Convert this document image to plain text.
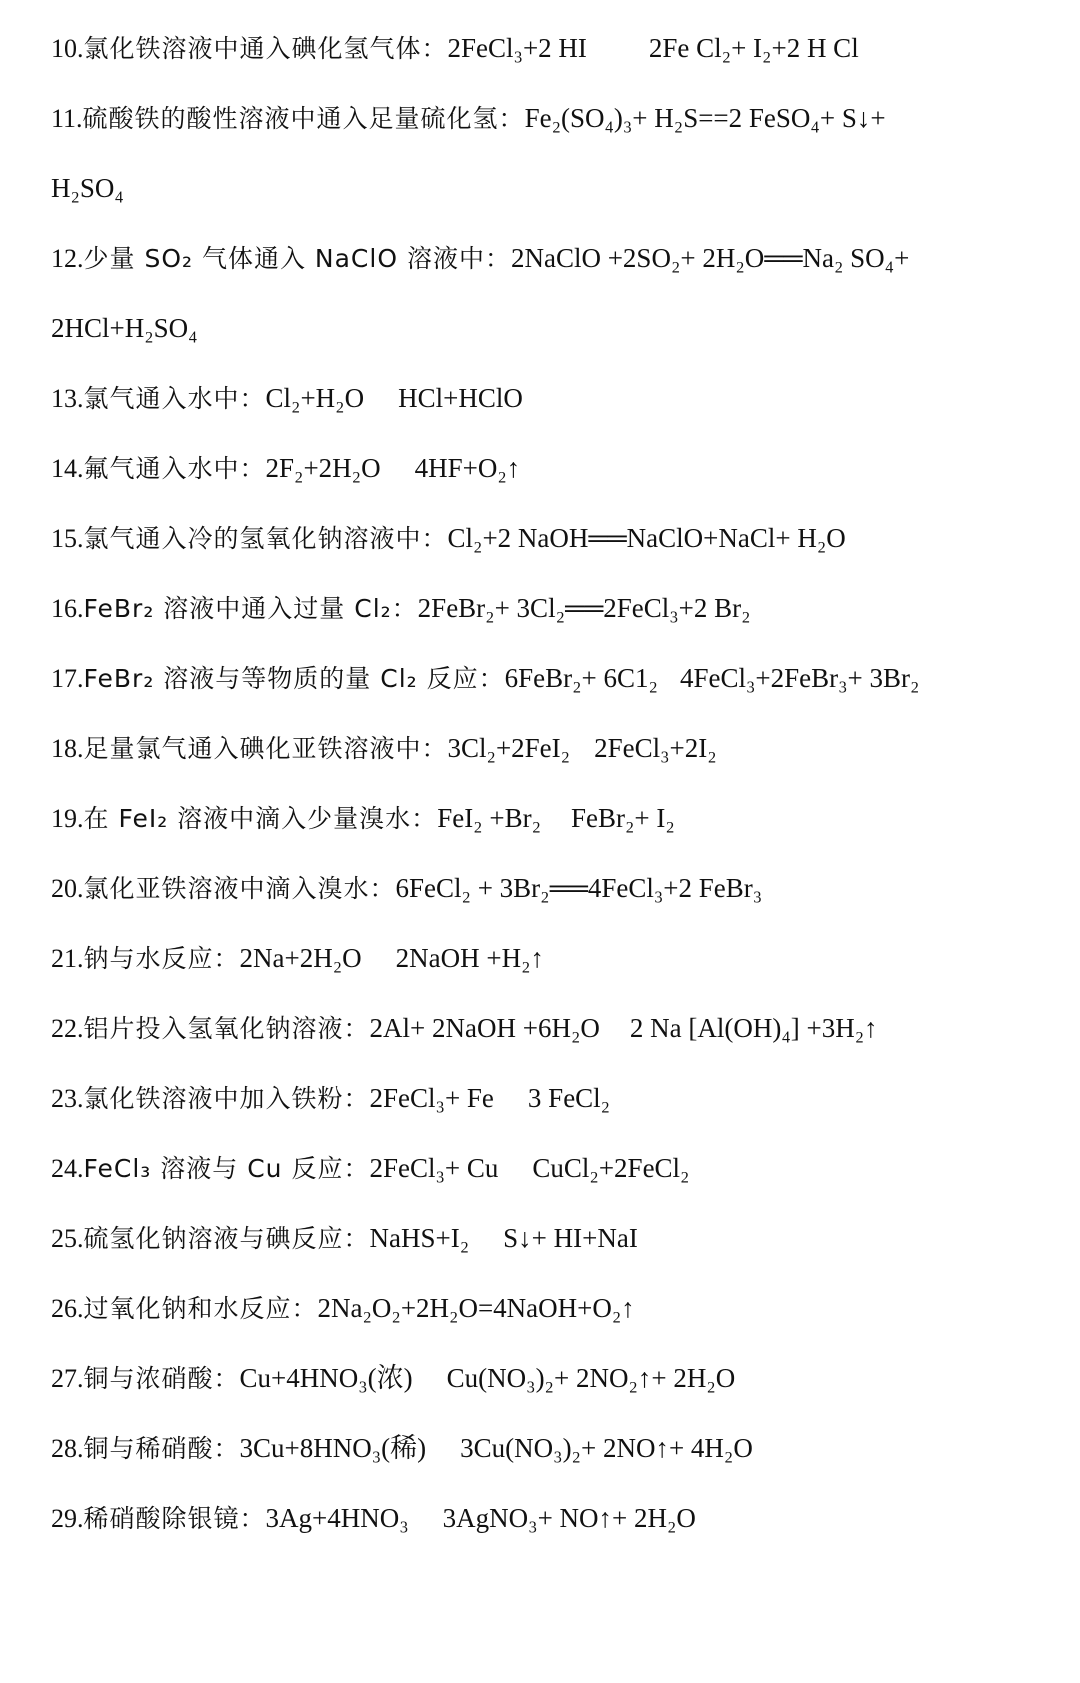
10.氯化铁溶液中通入碘化氢气体：2FeCl₃+2 HI 2Fe Cl₂+ I₂+2 H Cl
11.硫酸铁的酸性溶液中通入足量硫化氢：Fe₂(SO₄)₃+ H₂S==2 FeSO₄+ S↓+
H₂SO₄
12.少量 SO₂ 气体通入 NaClO 溶液中：2NaClO +2SO₂+ 2H₂O══Na₂ SO₄+
2HCl+H₂SO₄
13.氯气通入水中：Cl₂+H₂O HCl+HClO
14.氟气通入水中：2F₂+2H₂O 4HF+O₂↑
15.氯气通入冷的氢氧化钠溶液中：Cl₂+2 NaOH══NaClO+NaCl+ H₂O
16.FeBr₂ 溶液中通入过量 Cl₂：2FeBr₂+ 3Cl₂══2FeCl₃+2 Br₂
17.FeBr₂ 溶液与等物质的量 Cl₂ 反应：6FeBr₂+ 6C1₂ 4FeCl₃+2FeBr₃+ 3Br₂
18.足量氯气通入碘化亚铁溶液中：3Cl₂+2FeI₂ 2FeCl₃+2I₂
19.在 FeI₂ 溶液中滴入少量溴水：FeI₂ +Br₂ FeBr₂+ I₂
20.氯化亚铁溶液中滴入溴水：6FeCl₂ + 3Br₂══4FeCl₃+2 FeBr₃
21.钠与水反应：2Na+2H₂O 2NaOH +H₂↑
22.铝片投入氢氧化钠溶液：2Al+ 2NaOH +6H₂O 2 Na [Al(OH)₄] +3H₂↑
23.氯化铁溶液中加入铁粉：2FeCl₃+ Fe 3 FeCl₂
24.FeCl₃ 溶液与 Cu 反应：2FeCl₃+ Cu CuCl₂+2FeCl₂
25.硫氢化钠溶液与碘反应：NaHS+I₂ S↓+ HI+NaI
26.过氧化钠和水反应：2Na₂O₂+2H₂O=4NaOH+O₂↑
27.铜与浓硝酸：Cu+4HNO₃(浓) Cu(NO₃)₂+ 2NO₂↑+ 2H₂O
28.铜与稀硝酸：3Cu+8HNO₃(稀) 3Cu(NO₃)₂+ 2NO↑+ 4H₂O
29.稀硝酸除银镜：3Ag+4HNO₃ 3AgNO₃+ NO↑+ 2H₂O
